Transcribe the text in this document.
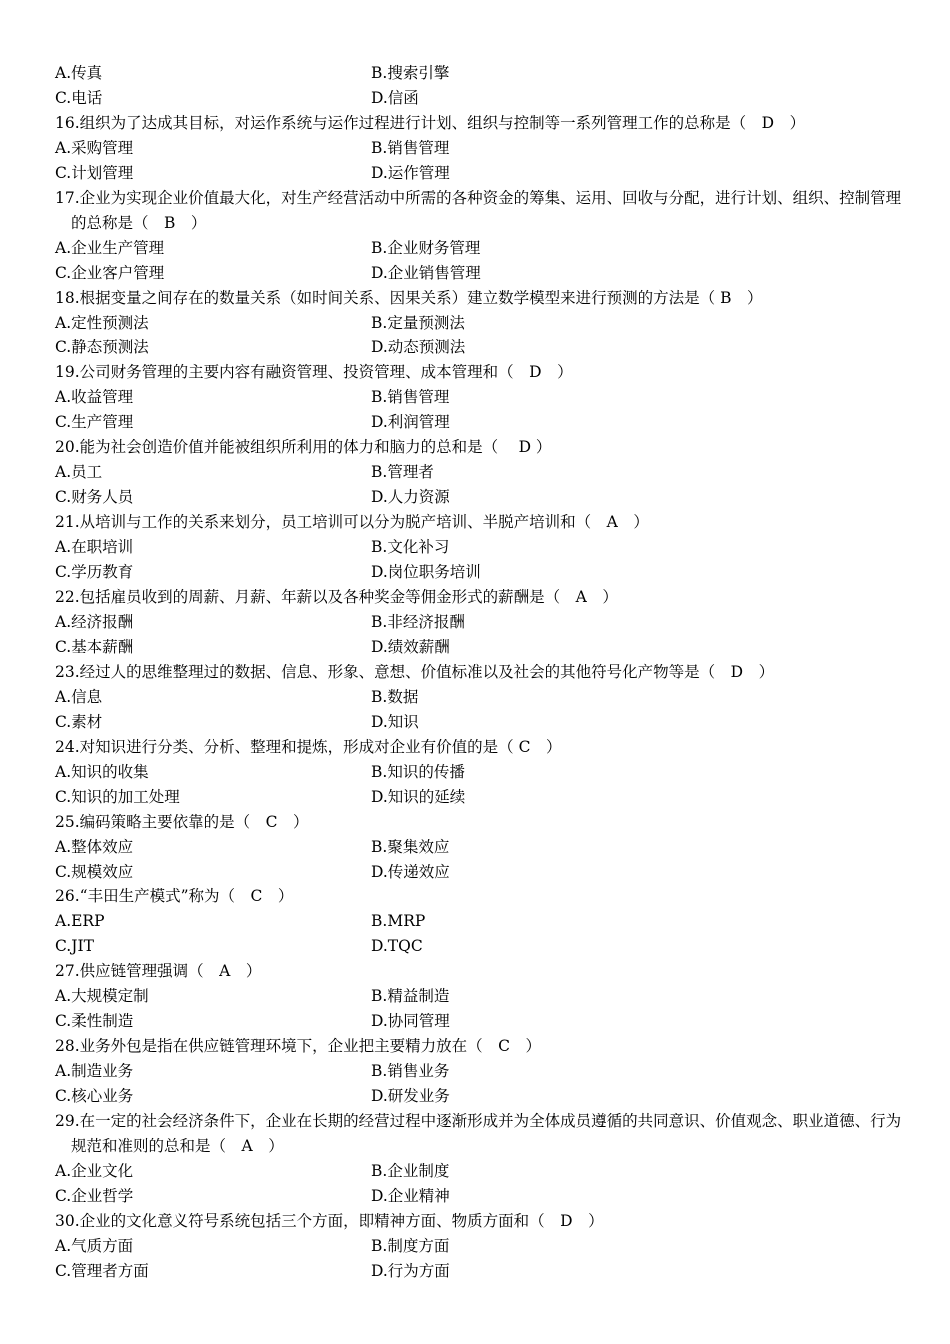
A.传真	B.搜索引擎
C.电话	D.信函
16.组织为了达成其目标，对运作系统与运作过程进行计划、组织与控制等一系列管理工作的总称是（　D　）
A.采购管理	B.销售管理
C.计划管理	D.运作管理
17.企业为实现企业价值最大化，对生产经营活动中所需的各种资金的筹集、运用、回收与分配，进行计划、组织、控制管理的总称是（　B　）
A.企业生产管理	B.企业财务管理
C.企业客户管理	D.企业销售管理
18.根据变量之间存在的数量关系（如时间关系、因果关系）建立数学模型来进行预测的方法是（ B　）
A.定性预测法	B.定量预测法
C.静态预测法	D.动态预测法
19.公司财务管理的主要内容有融资管理、投资管理、成本管理和（　D　）
A.收益管理	B.销售管理
C.生产管理	D.利润管理
20.能为社会创造价值并能被组织所利用的体力和脑力的总和是（　 D ）
A.员工	B.管理者
C.财务人员	D.人力资源
21.从培训与工作的关系来划分，员工培训可以分为脱产培训、半脱产培训和（　A　）
A.在职培训	B.文化补习
C.学历教育	D.岗位职务培训
22.包括雇员收到的周薪、月薪、年薪以及各种奖金等佣金形式的薪酬是（　A　）
A.经济报酬	B.非经济报酬
C.基本薪酬	D.绩效薪酬
23.经过人的思维整理过的数据、信息、形象、意想、价值标准以及社会的其他符号化产物等是（　D　）
A.信息	B.数据
C.素材	D.知识
24.对知识进行分类、分析、整理和提炼，形成对企业有价值的是（ C　）
A.知识的收集	B.知识的传播
C.知识的加工处理	D.知识的延续
25.编码策略主要依靠的是（　C　）
A.整体效应	B.聚集效应
C.规模效应	D.传递效应
26.“丰田生产模式”称为（　C　）
A.ERP	B.MRP
C.JIT	D.TQC
27.供应链管理强调（　A　）
A.大规模定制	B.精益制造
C.柔性制造	D.协同管理
28.业务外包是指在供应链管理环境下，企业把主要精力放在（　C　）
A.制造业务	B.销售业务
C.核心业务	D.研发业务
29.在一定的社会经济条件下，企业在长期的经营过程中逐渐形成并为全体成员遵循的共同意识、价值观念、职业道德、行为规范和准则的总和是（　A　）
A.企业文化	B.企业制度
C.企业哲学	D.企业精神
30.企业的文化意义符号系统包括三个方面，即精神方面、物质方面和（　D　）
A.气质方面	B.制度方面
C.管理者方面	D.行为方面
